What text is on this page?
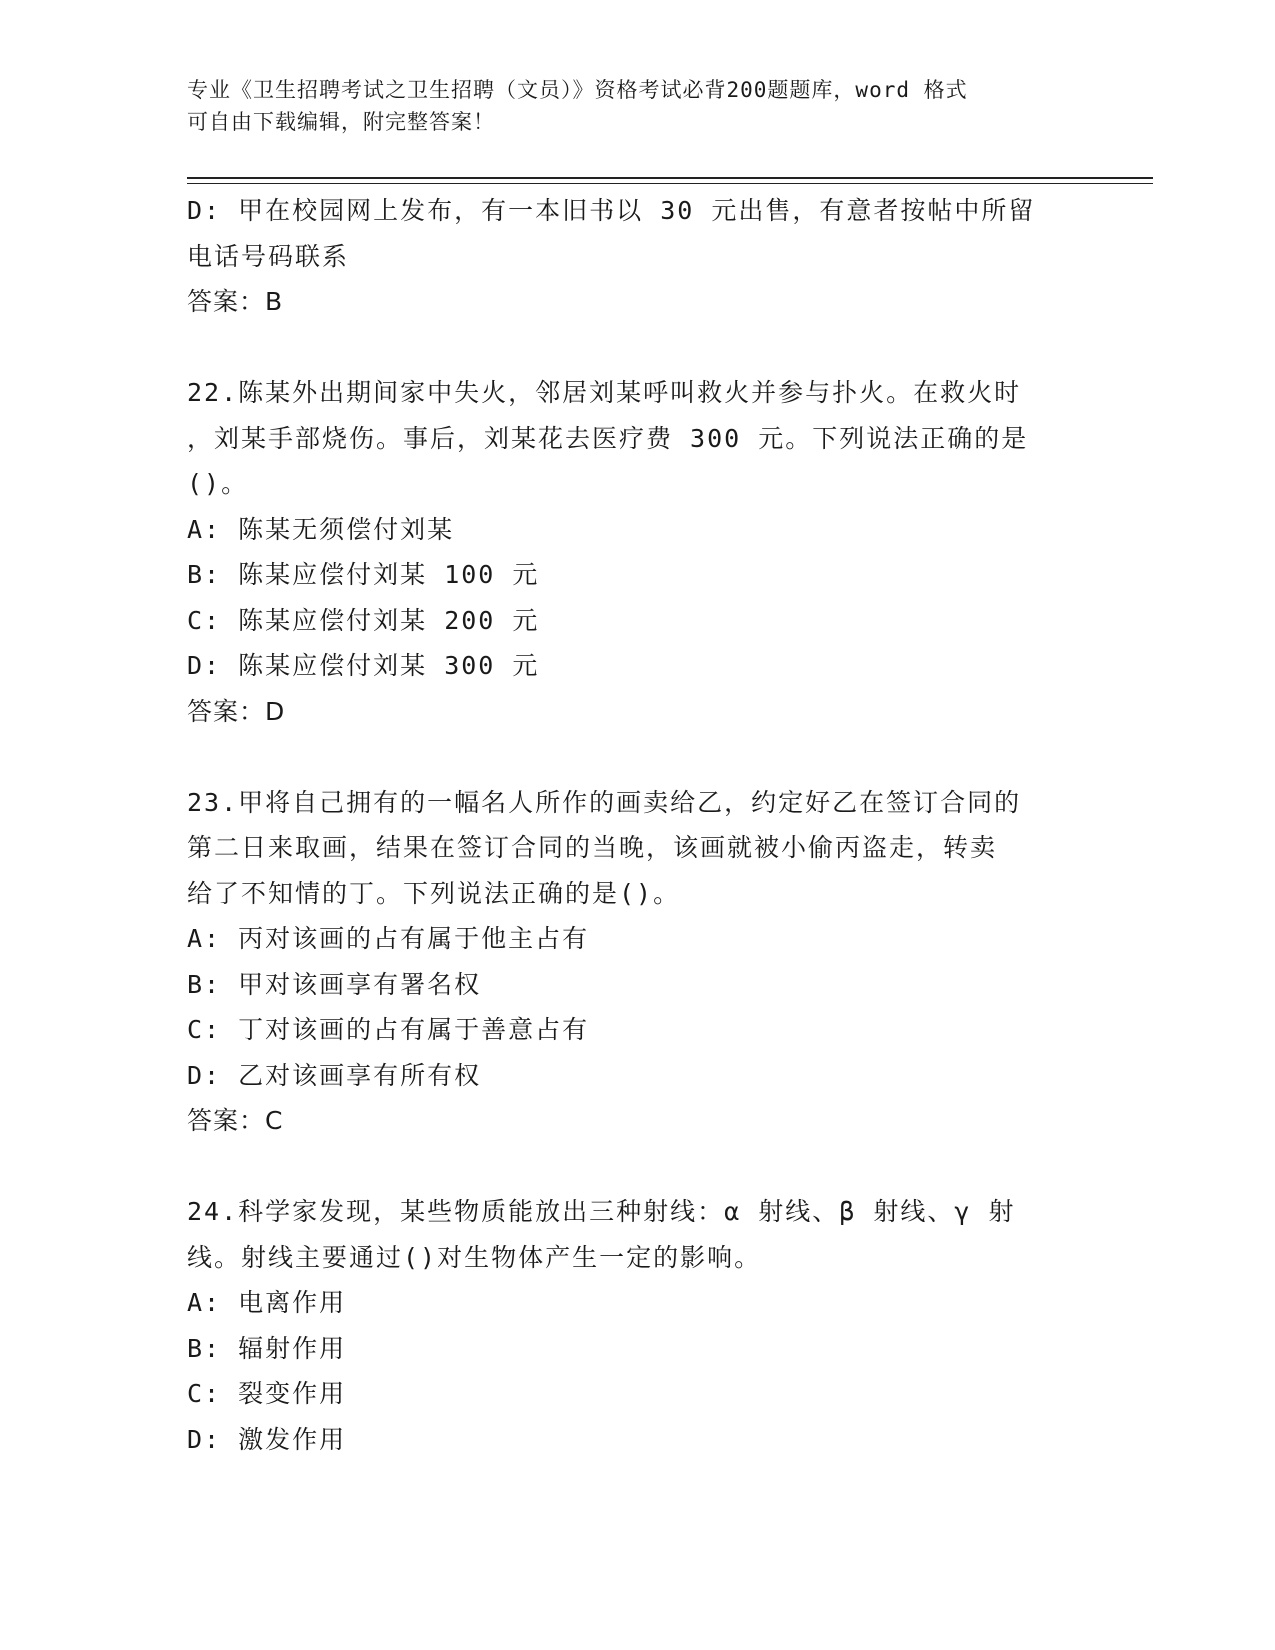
专业《卫生招聘考试之卫生招聘（文员）》资格考试必背200题题库，word 格式
可自由下载编辑，附完整答案！
D: 甲在校园网上发布，有一本旧书以 30 元出售，有意者按帖中所留
电话号码联系
答案：B
22.陈某外出期间家中失火，邻居刘某呼叫救火并参与扑火。在救火时
，刘某手部烧伤。事后，刘某花去医疗费 300 元。下列说法正确的是
()。
A: 陈某无须偿付刘某
B: 陈某应偿付刘某 100 元
C: 陈某应偿付刘某 200 元
D: 陈某应偿付刘某 300 元
答案：D
23.甲将自己拥有的一幅名人所作的画卖给乙，约定好乙在签订合同的
第二日来取画，结果在签订合同的当晚，该画就被小偷丙盗走，转卖
给了不知情的丁。下列说法正确的是()。
A: 丙对该画的占有属于他主占有
B: 甲对该画享有署名权
C: 丁对该画的占有属于善意占有
D: 乙对该画享有所有权
答案：C
24.科学家发现，某些物质能放出三种射线：α 射线、β 射线、γ 射
线。射线主要通过()对生物体产生一定的影响。
A: 电离作用
B: 辐射作用
C: 裂变作用
D: 激发作用
